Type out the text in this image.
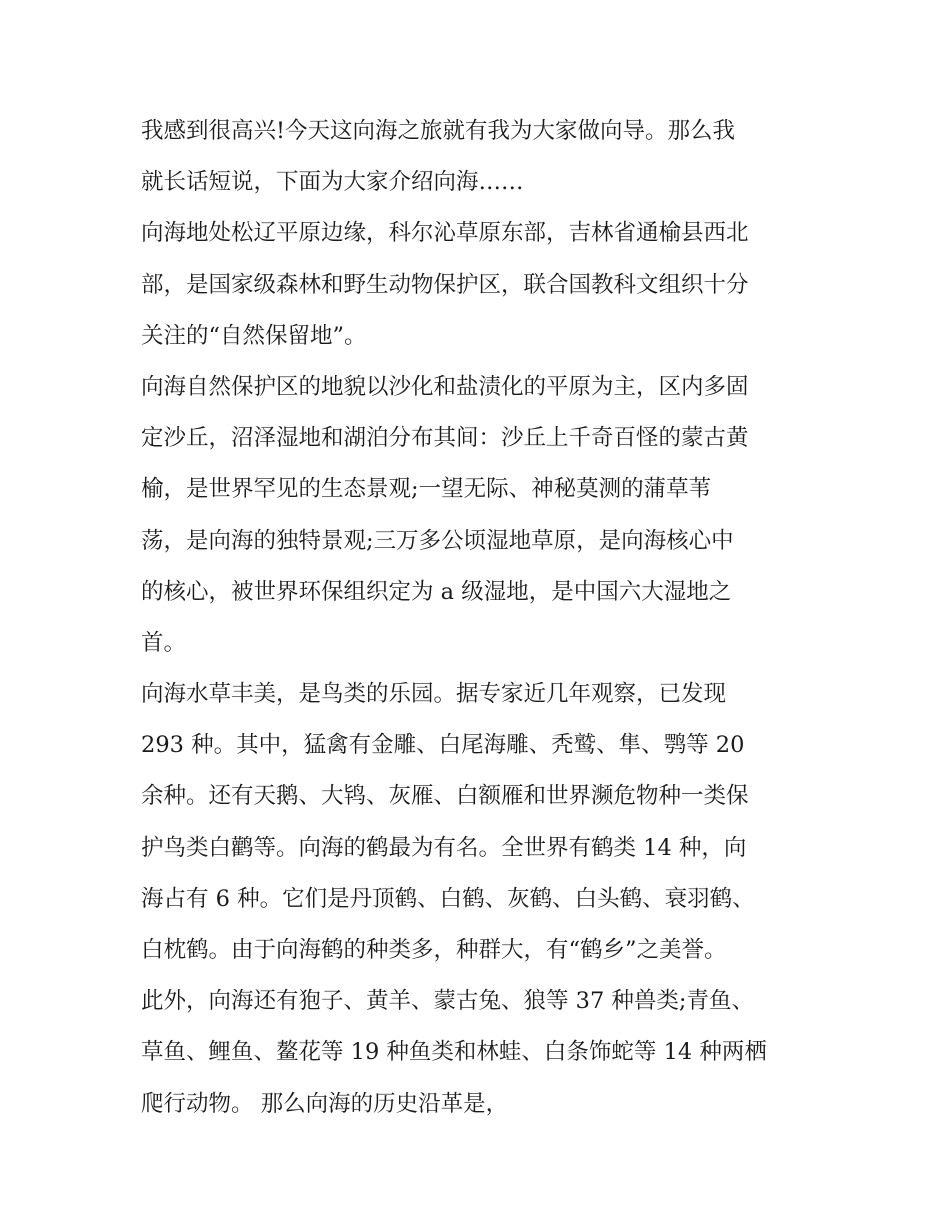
我感到很高兴!今天这向海之旅就有我为大家做向导。那么我
就长话短说，下面为大家介绍向海……
向海地处松辽平原边缘，科尔沁草原东部，吉林省通榆县西北
部，是国家级森林和野生动物保护区，联合国教科文组织十分
关注的“自然保留地”。
向海自然保护区的地貌以沙化和盐渍化的平原为主，区内多固
定沙丘，沼泽湿地和湖泊分布其间：沙丘上千奇百怪的蒙古黄
榆，是世界罕见的生态景观;一望无际、神秘莫测的蒲草苇
荡，是向海的独特景观;三万多公顷湿地草原，是向海核心中
的核心，被世界环保组织定为 a 级湿地，是中国六大湿地之
首。
向海水草丰美，是鸟类的乐园。据专家近几年观察，已发现
293 种。其中，猛禽有金雕、白尾海雕、秃鹫、隼、鹗等 20
余种。还有天鹅、大鸨、灰雁、白额雁和世界濒危物种一类保
护鸟类白鹳等。向海的鹤最为有名。全世界有鹤类 14 种，向
海占有 6 种。它们是丹顶鹤、白鹤、灰鹤、白头鹤、衰羽鹤、
白枕鹤。由于向海鹤的种类多，种群大，有“鹤乡”之美誉。
此外，向海还有狍子、黄羊、蒙古兔、狼等 37 种兽类;青鱼、
草鱼、鲤鱼、鳌花等 19 种鱼类和林蛙、白条饰蛇等 14 种两栖
爬行动物。 那么向海的历史沿革是，
